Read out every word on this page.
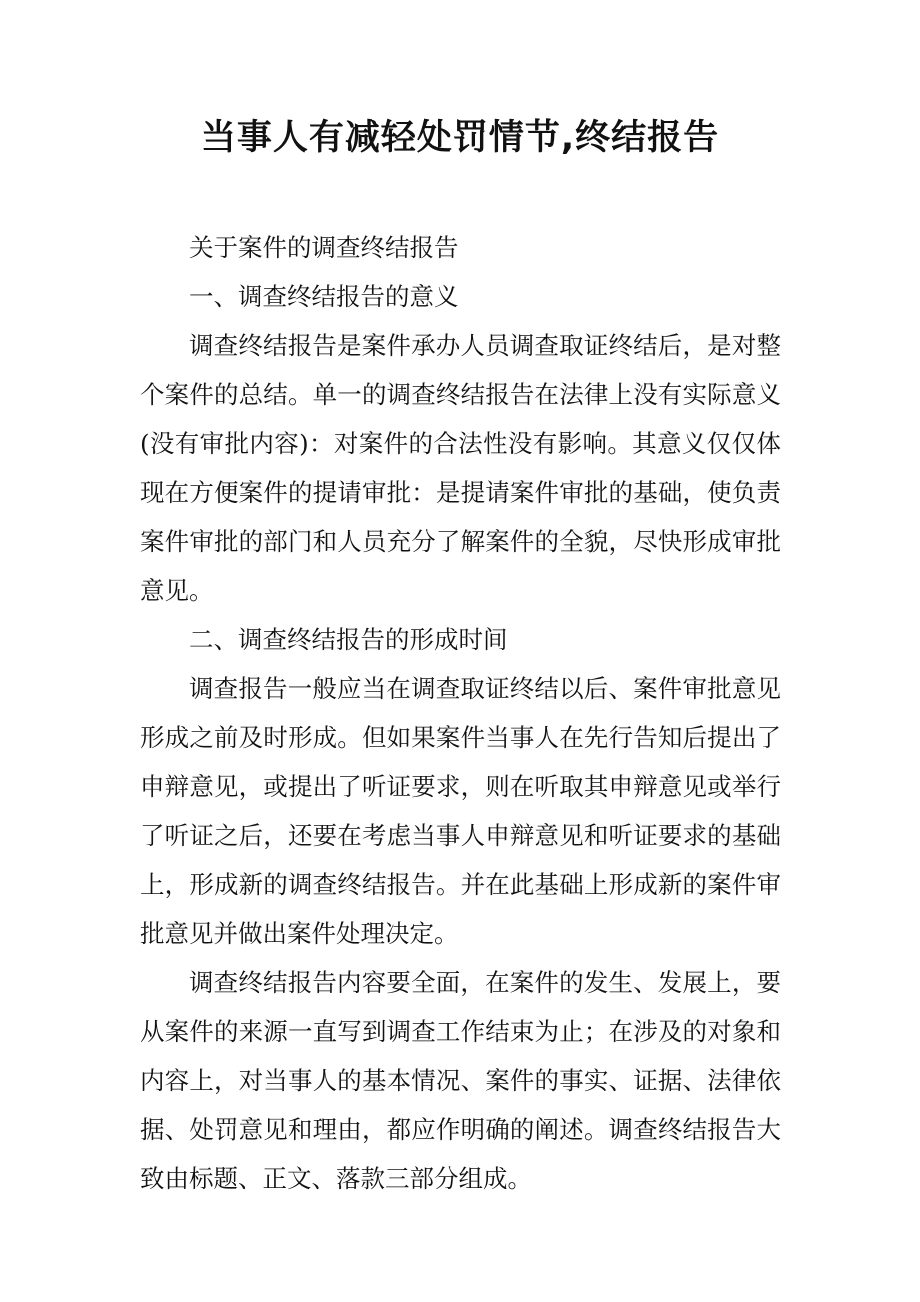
当事人有减轻处罚情节,终结报告

关于案件的调查终结报告

一、调查终结报告的意义

调查终结报告是案件承办人员调查取证终结后，是对整个案件的总结。单一的调查终结报告在法律上没有实际意义(没有审批内容)：对案件的合法性没有影响。其意义仅仅体现在方便案件的提请审批：是提请案件审批的基础，使负责案件审批的部门和人员充分了解案件的全貌，尽快形成审批意见。

二、调查终结报告的形成时间

调查报告一般应当在调查取证终结以后、案件审批意见形成之前及时形成。但如果案件当事人在先行告知后提出了申辩意见，或提出了听证要求，则在听取其申辩意见或举行了听证之后，还要在考虑当事人申辩意见和听证要求的基础上，形成新的调查终结报告。并在此基础上形成新的案件审批意见并做出案件处理决定。

调查终结报告内容要全面，在案件的发生、发展上，要从案件的来源一直写到调查工作结束为止；在涉及的对象和内容上，对当事人的基本情况、案件的事实、证据、法律依据、处罚意见和理由，都应作明确的阐述。调查终结报告大致由标题、正文、落款三部分组成。
